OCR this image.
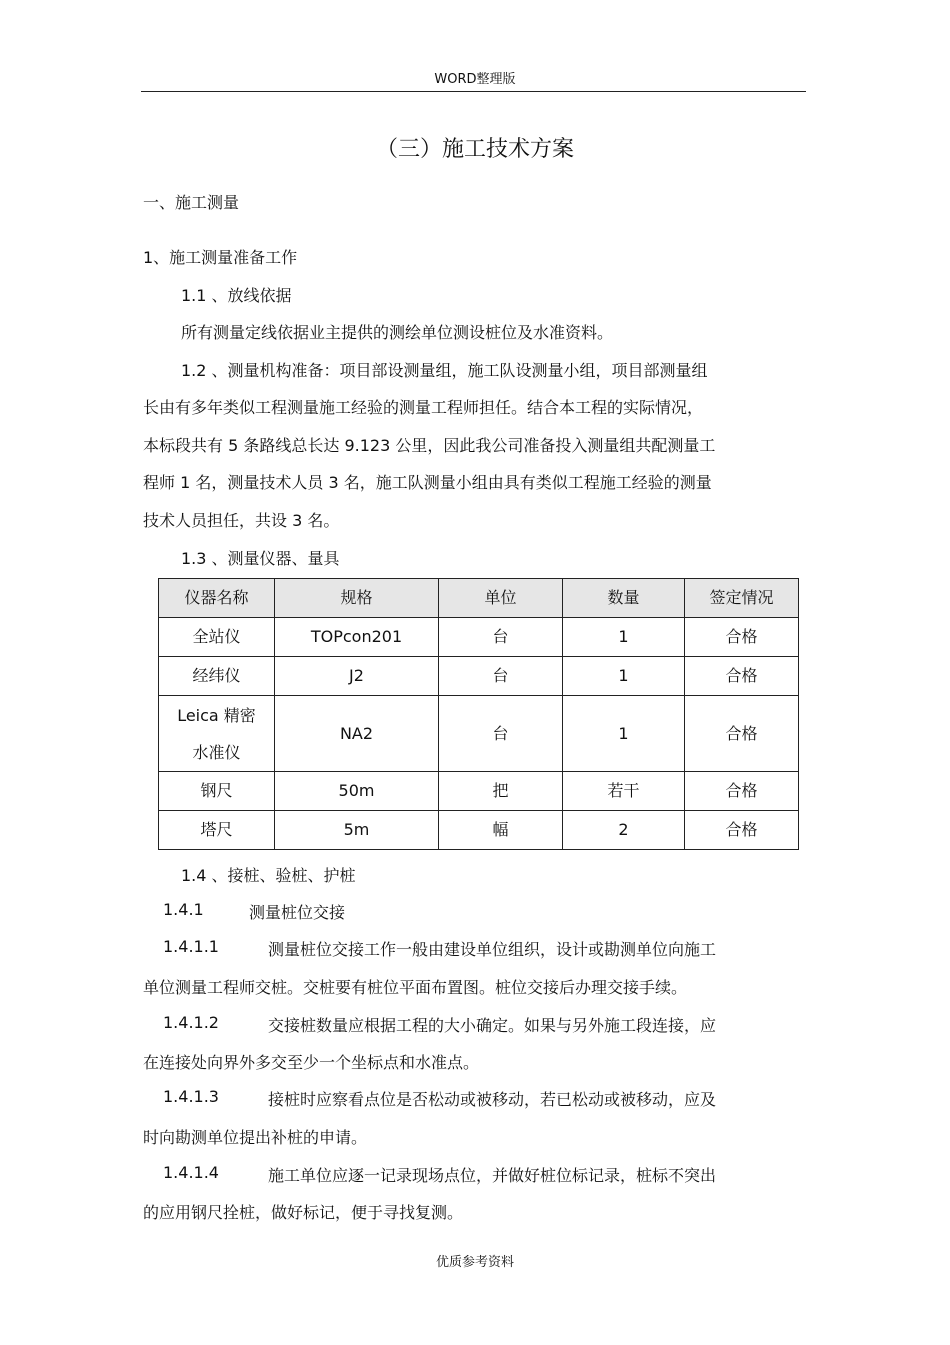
WORD整理版
（三）施工技术方案
一、施工测量
1、施工测量准备工作
1.1 、放线依据
所有测量定线依据业主提供的测绘单位测设桩位及水准资料。
1.2 、测量机构准备：项目部设测量组，施工队设测量小组，项目部测量组
长由有多年类似工程测量施工经验的测量工程师担任。结合本工程的实际情况，
本标段共有 5 条路线总长达 9.123 公里，因此我公司准备投入测量组共配测量工
程师 1 名，测量技术人员 3 名，施工队测量小组由具有类似工程施工经验的测量
技术人员担任，共设 3 名。
1.3 、测量仪器、量具
1.4 、接桩、验桩、护桩
1.4.1	测量桩位交接
1.4.1.1	测量桩位交接工作一般由建设单位组织，设计或勘测单位向施工
单位测量工程师交桩。交桩要有桩位平面布置图。桩位交接后办理交接手续。
1.4.1.2	交接桩数量应根据工程的大小确定。如果与另外施工段连接，应
在连接处向界外多交至少一个坐标点和水准点。
1.4.1.3	接桩时应察看点位是否松动或被移动，若已松动或被移动，应及
时向勘测单位提出补桩的申请。
1.4.1.4	施工单位应逐一记录现场点位，并做好桩位标记录，桩标不突出
的应用钢尺拴桩，做好标记，便于寻找复测。
仪器名称	规格	单位	数量	签定情况
全站仪	TOPcon201	台	1	合格
经纬仪	J2	台	1	合格

Leica 精密
水准仪	NA2	台	1	合格
钢尺	50m	把	若干	合格
塔尺	5m	幅	2	合格
优质参考资料
